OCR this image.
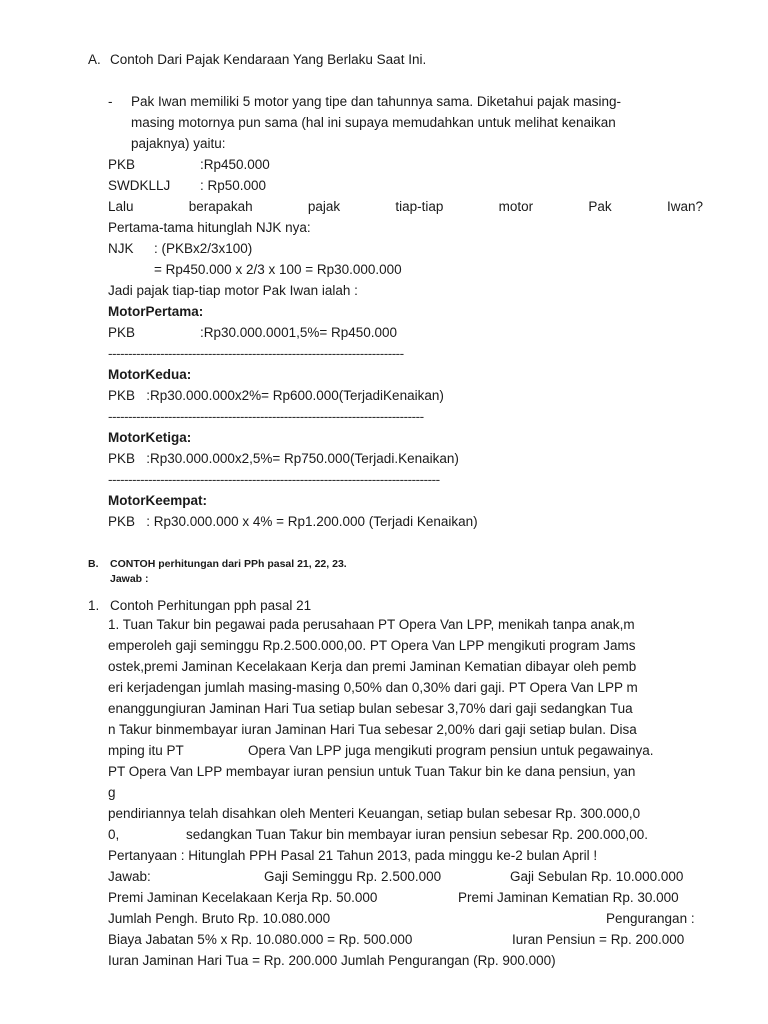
A. Contoh Dari Pajak Kendaraan Yang Berlaku Saat Ini.
- Pak Iwan memiliki 5 motor yang tipe dan tahunnya sama. Diketahui pajak masing-
masing motornya pun sama (hal ini supaya memudahkan untuk melihat kenaikan
pajaknya) yaitu:
PKB	:Rp450.000
SWDKLLJ : Rp50.000
Lalu	berapakah	pajak	tiap-tiap	motor	Pak	Iwan?
Pertama-tama hitunglah NJK nya:
NJK : (PKBx2/3x100)
= Rp450.000 x 2/3 x 100 = Rp30.000.000
Jadi pajak tiap-tiap motor Pak Iwan ialah :
MotorPertama:
PKB	:Rp30.000.0001,5%= Rp450.000
--------------------------------------------------------------------------
MotorKedua:
PKB   :Rp30.000.000x2%= Rp600.000(TerjadiKenaikan)
-------------------------------------------------------------------------------
MotorKetiga:
PKB   :Rp30.000.000x2,5%= Rp750.000(Terjadi.Kenaikan)
-----------------------------------------------------------------------------------
MotorKeempat:
PKB   : Rp30.000.000 x 4% = Rp1.200.000 (Terjadi Kenaikan)
B. CONTOH perhitungan dari PPh pasal 21, 22, 23.
Jawab :
1. Contoh Perhitungan pph pasal 21
1. Tuan Takur bin pegawai pada perusahaan PT Opera Van LPP, menikah tanpa anak,m
emperoleh gaji seminggu Rp.2.500.000,00. PT Opera Van LPP mengikuti program Jams
ostek,premi Jaminan Kecelakaan Kerja dan premi Jaminan Kematian dibayar oleh pemb
eri kerjadengan jumlah masing-masing 0,50% dan 0,30% dari gaji. PT Opera Van LPP m
enanggungiuran Jaminan Hari Tua setiap bulan sebesar 3,70% dari gaji sedangkan Tua
n Takur binmembayar iuran Jaminan Hari Tua sebesar 2,00% dari gaji setiap bulan. Disa
mping itu PT	Opera Van LPP juga mengikuti program pensiun untuk pegawainya.
PT Opera Van LPP membayar iuran pensiun untuk Tuan Takur bin ke dana pensiun, yan
g
pendiriannya telah disahkan oleh Menteri Keuangan, setiap bulan sebesar Rp. 300.000,0
0,	sedangkan Tuan Takur bin membayar iuran pensiun sebesar Rp. 200.000,00.
Pertanyaan : Hitunglah PPH Pasal 21 Tahun 2013, pada minggu ke-2 bulan April !
Jawab:	Gaji Seminggu Rp. 2.500.000	Gaji Sebulan Rp. 10.000.000
Premi Jaminan Kecelakaan Kerja Rp. 50.000	Premi Jaminan Kematian Rp. 30.000
Jumlah Pengh. Bruto Rp. 10.080.000	Pengurangan :
Biaya Jabatan 5% x Rp. 10.080.000 = Rp. 500.000	Iuran Pensiun = Rp. 200.000
Iuran Jaminan Hari Tua = Rp. 200.000 Jumlah Pengurangan (Rp. 900.000)
